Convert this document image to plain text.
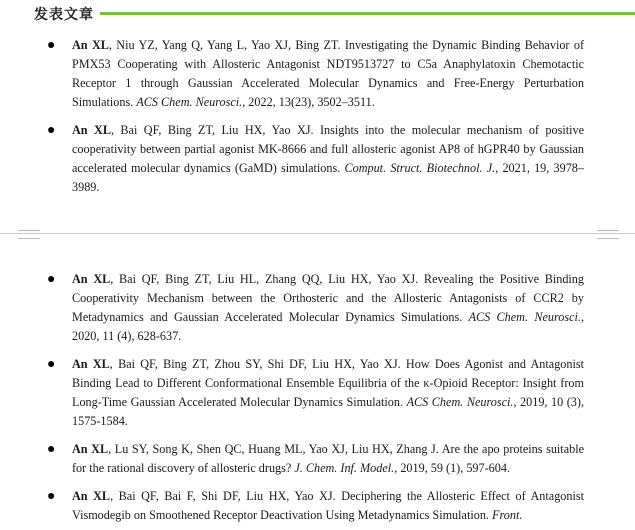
发表文章
● An XL, Niu YZ, Yang Q, Yang L, Yao XJ, Bing ZT. Investigating the Dynamic Binding Behavior of PMX53 Cooperating with Allosteric Antagonist NDT9513727 to C5a Anaphylatoxin Chemotactic Receptor 1 through Gaussian Accelerated Molecular Dynamics and Free-Energy Perturbation Simulations. ACS Chem. Neurosci., 2022, 13(23), 3502–3511.
● An XL, Bai QF, Bing ZT, Liu HX, Yao XJ. Insights into the molecular mechanism of positive cooperativity between partial agonist MK-8666 and full allosteric agonist AP8 of hGPR40 by Gaussian accelerated molecular dynamics (GaMD) simulations. Comput. Struct. Biotechnol. J., 2021, 19, 3978–3989.
● An XL, Bai QF, Bing ZT, Liu HL, Zhang QQ, Liu HX, Yao XJ. Revealing the Positive Binding Cooperativity Mechanism between the Orthosteric and the Allosteric Antagonists of CCR2 by Metadynamics and Gaussian Accelerated Molecular Dynamics Simulations. ACS Chem. Neurosci., 2020, 11 (4), 628-637.
● An XL, Bai QF, Bing ZT, Zhou SY, Shi DF, Liu HX, Yao XJ. How Does Agonist and Antagonist Binding Lead to Different Conformational Ensemble Equilibria of the κ-Opioid Receptor: Insight from Long-Time Gaussian Accelerated Molecular Dynamics Simulation. ACS Chem. Neurosci., 2019, 10 (3), 1575-1584.
● An XL, Lu SY, Song K, Shen QC, Huang ML, Yao XJ, Liu HX, Zhang J. Are the apo proteins suitable for the rational discovery of allosteric drugs? J. Chem. Inf. Model., 2019, 59 (1), 597-604.
● An XL, Bai QF, Bai F, Shi DF, Liu HX, Yao XJ. Deciphering the Allosteric Effect of Antagonist Vismodegib on Smoothened Receptor Deactivation Using Metadynamics Simulation. Front.
